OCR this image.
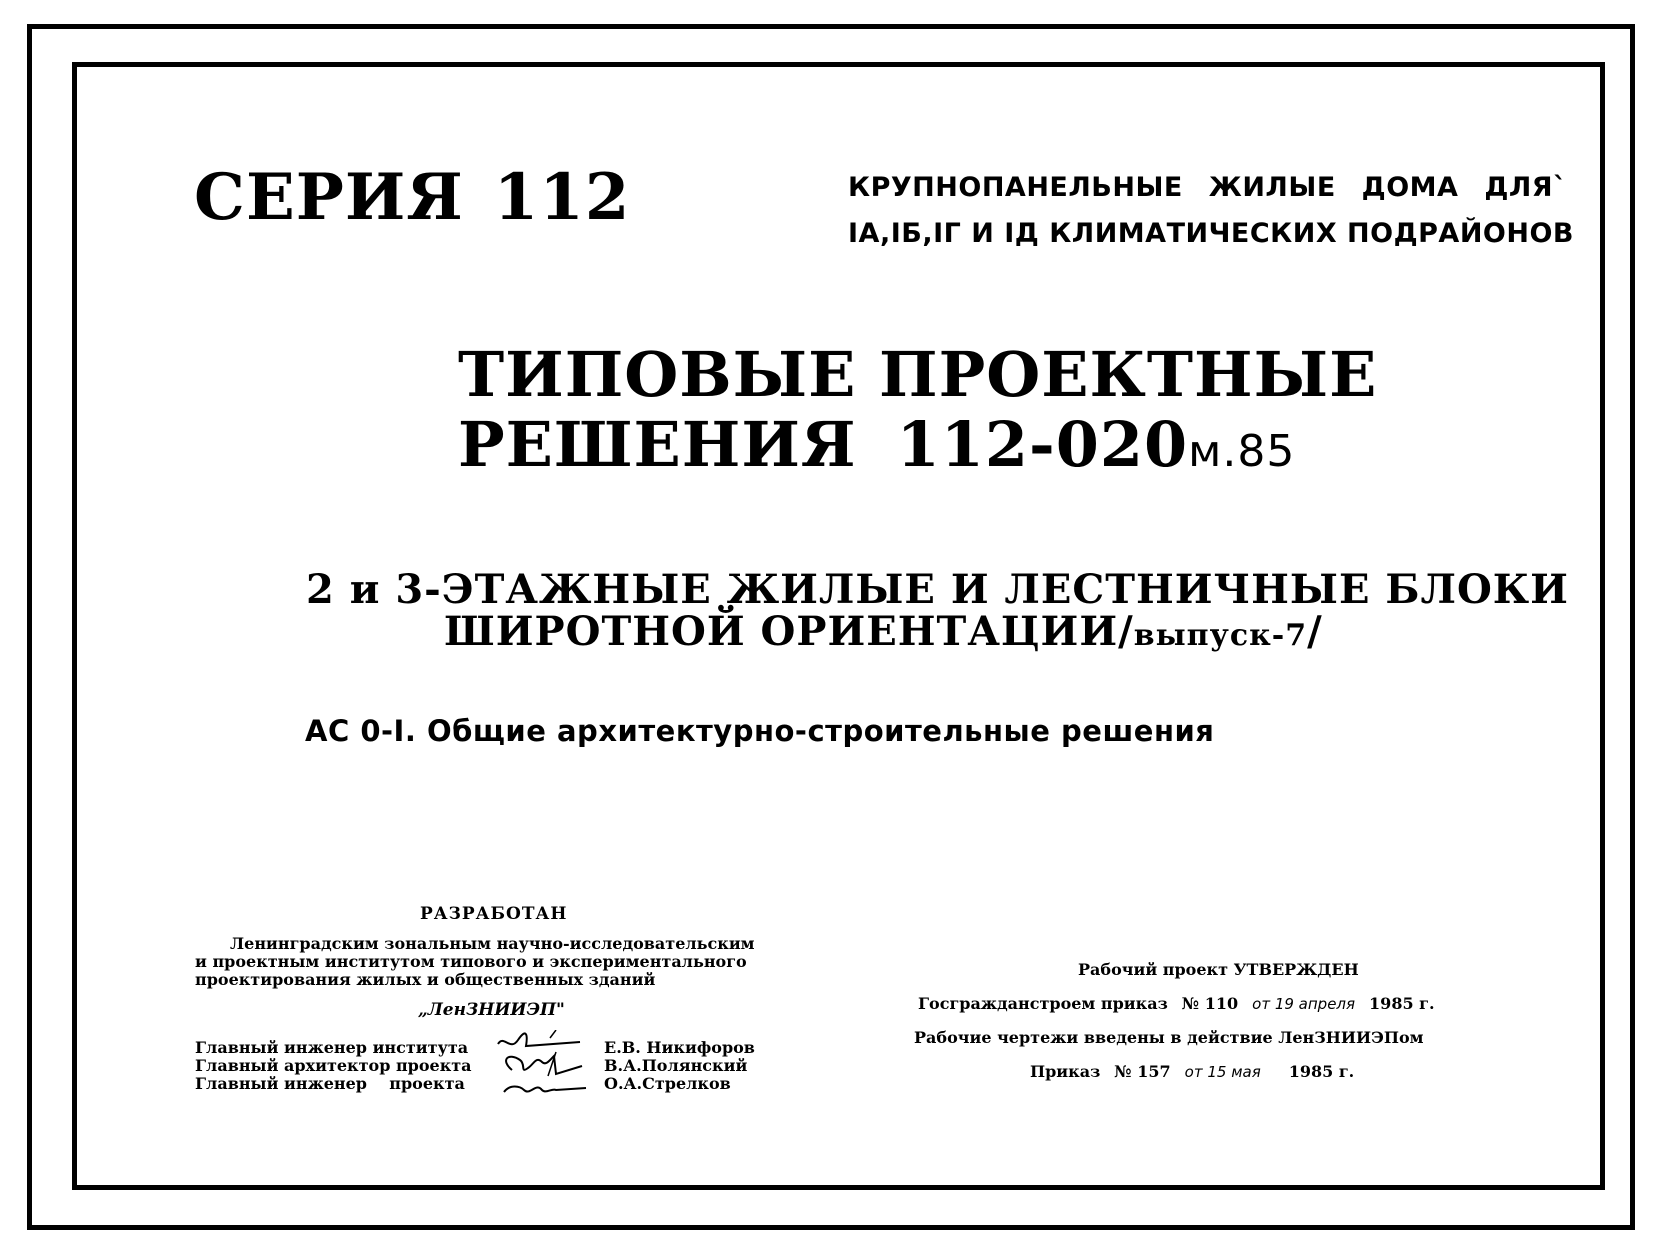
СЕРИЯ 112	КРУПНОПАНЕЛЬНЫЕ ЖИЛЫЕ ДОМА ДЛЯ`
IА,IБ,IГ И IД КЛИМАТИЧЕСКИХ ПОДРАЙОНОВ
ТИПОВЫЕ ПРОЕКТНЫЕ
РЕШЕНИЯ 112-020м.85
2 и 3-ЭТАЖНЫЕ ЖИЛЫЕ И ЛЕСТНИЧНЫЕ БЛОКИ
ШИРОТНОЙ ОРИЕНТАЦИИ/выпуск-7/
АС 0-I. Общие архитектурно-строительные решения
РАЗРАБОТАН
Ленинградским зональным научно-исследовательским
и проектным институтом типового и экспериментального
проектирования жилых и общественных зданий
„ЛенЗНИИЭП"
Главный инженер института
Главный архитектор проекта
Главный инженер    проекта
Е.В. Никифоров
В.А.Полянский
О.А.Стрелков
Рабочий проект УТВЕРЖДЕН
Госгражданстроем приказ № 110 от 19 апреля 1985 г.
Рабочие чертежи введены в действие ЛенЗНИИЭПом
Приказ № 157 от 15 мая 1985 г.
